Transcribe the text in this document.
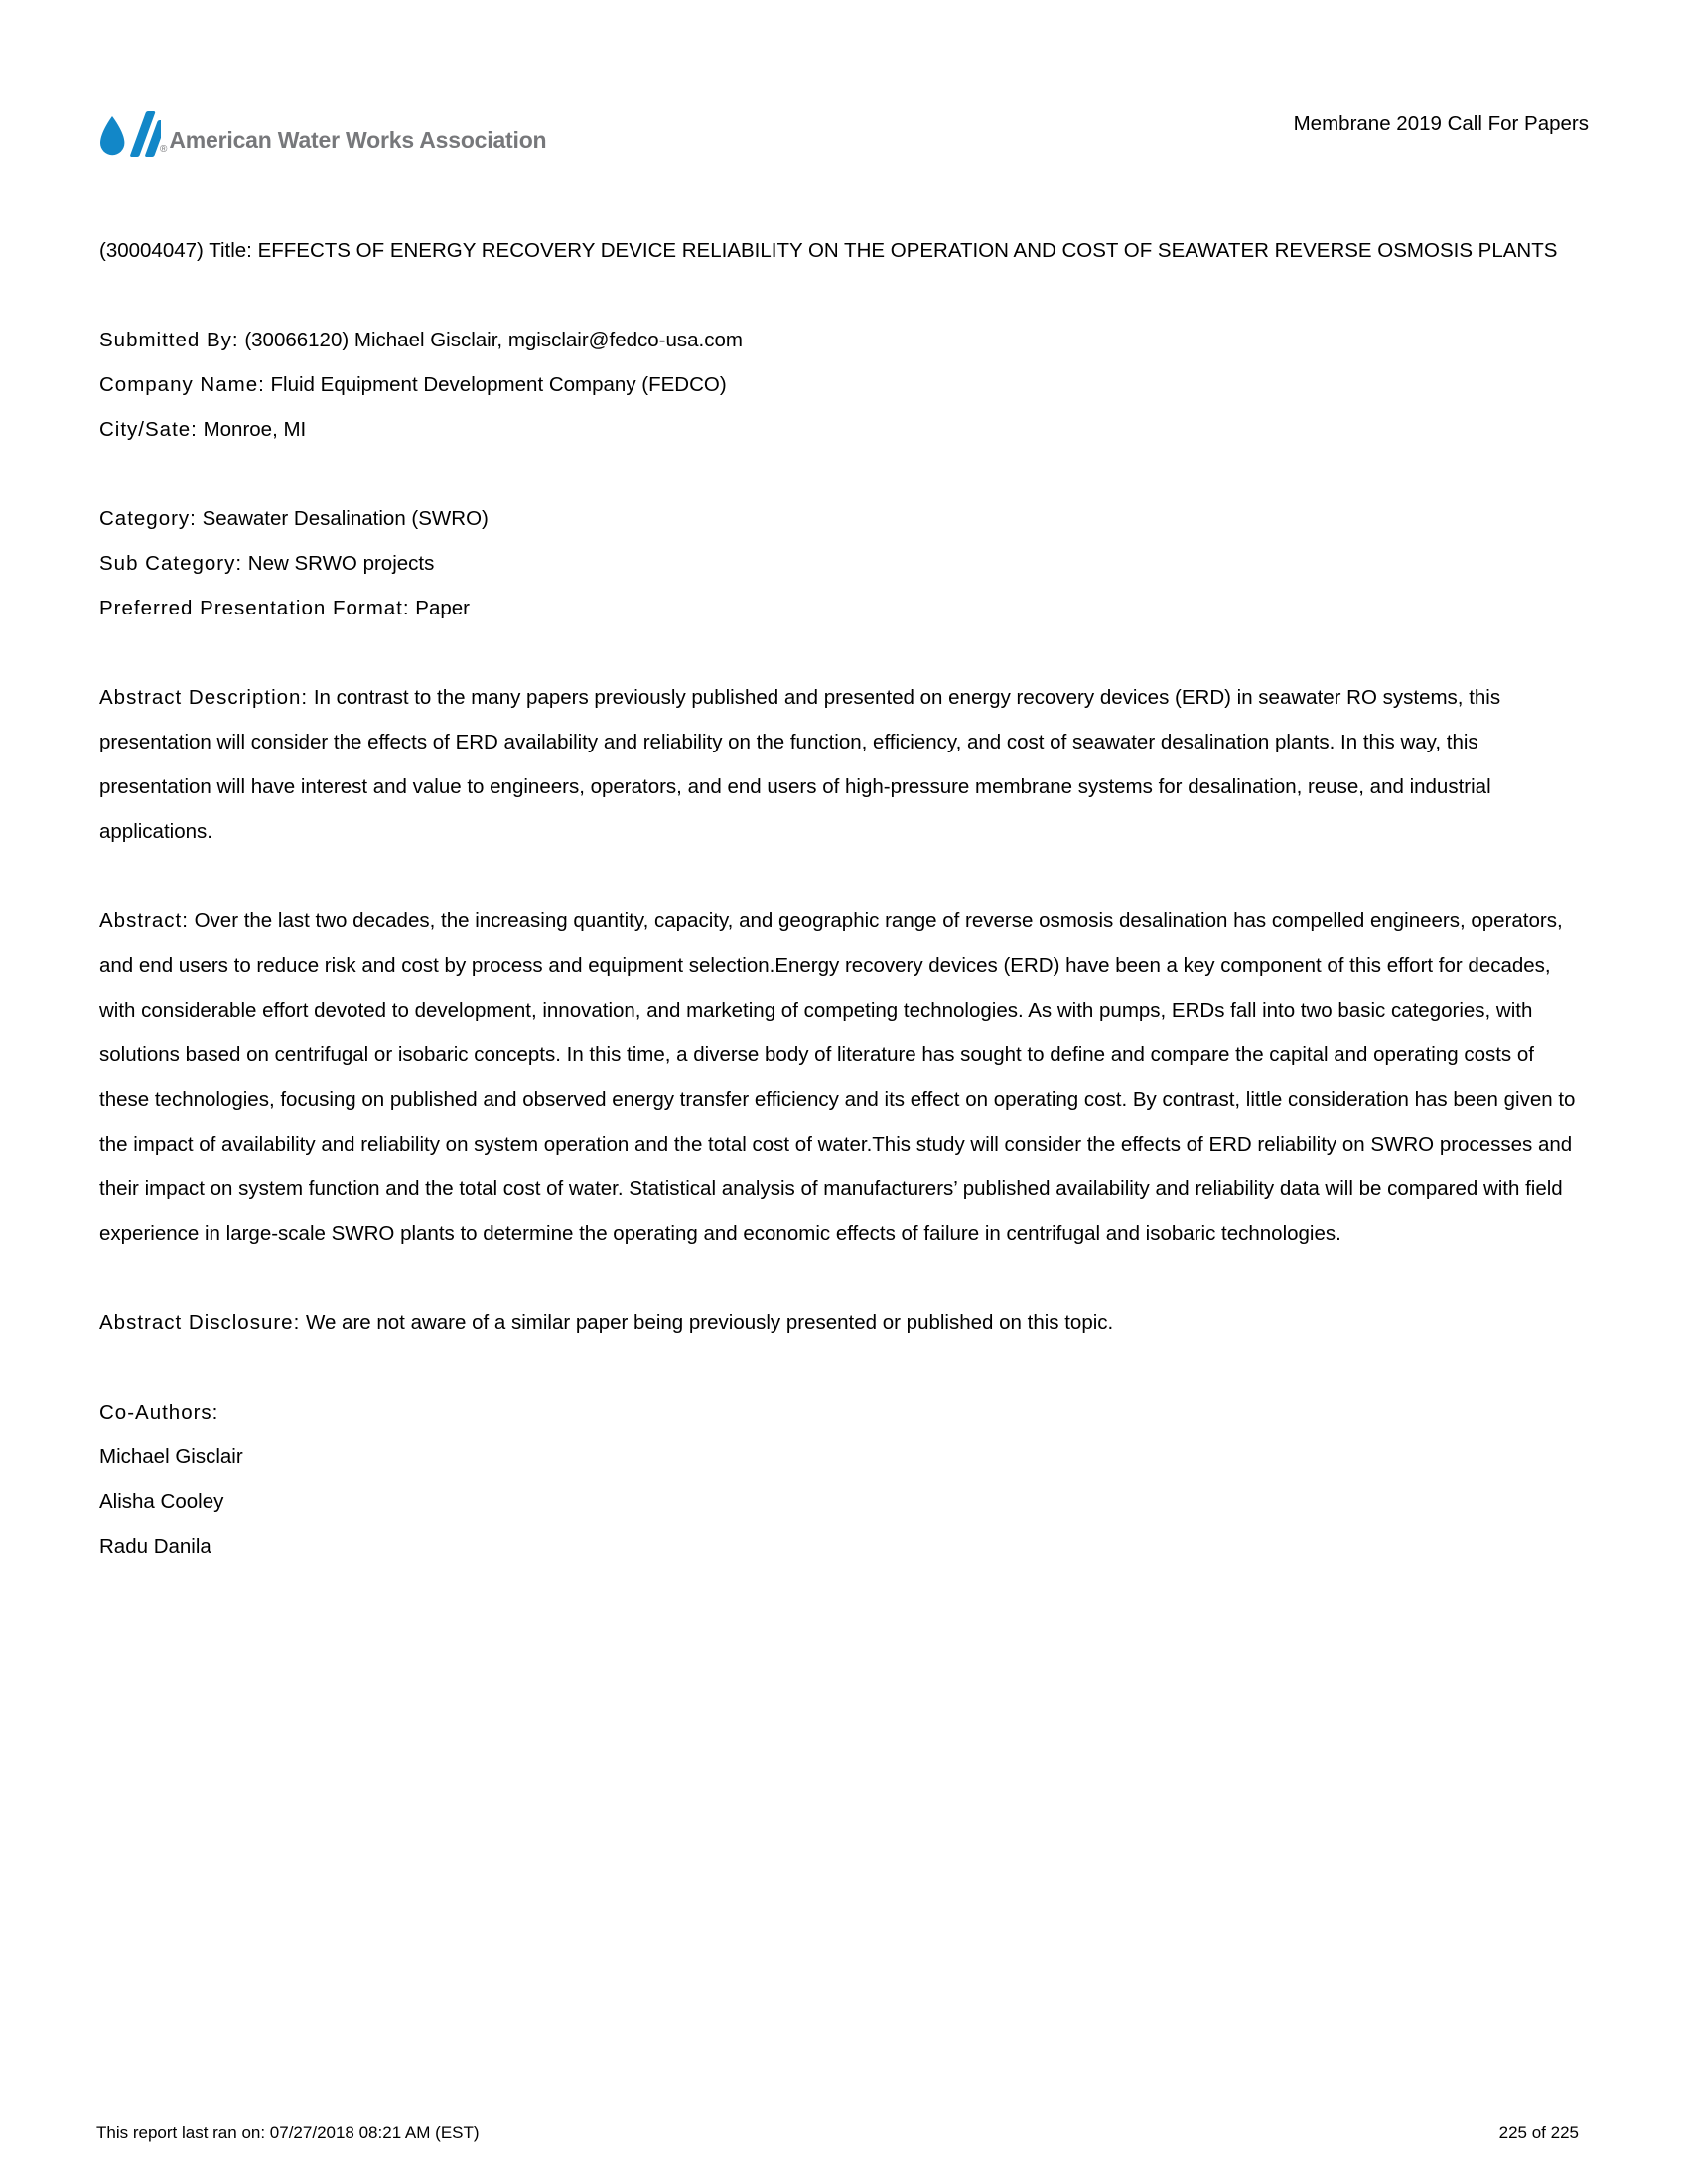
® American Water Works Association
Membrane 2019 Call For Papers

(30004047) Title: EFFECTS OF ENERGY RECOVERY DEVICE RELIABILITY ON THE OPERATION AND COST OF SEAWATER REVERSE OSMOSIS PLANTS

Submitted By: (30066120) Michael Gisclair, mgisclair@fedco-usa.com
Company Name: Fluid Equipment Development Company (FEDCO)
City/Sate: Monroe, MI

Category: Seawater Desalination (SWRO)
Sub Category: New SRWO projects
Preferred Presentation Format: Paper

Abstract Description: In contrast to the many papers previously published and presented on energy recovery devices (ERD) in seawater RO systems, this presentation will consider the effects of ERD availability and reliability on the function, efficiency, and cost of seawater desalination plants. In this way, this presentation will have interest and value to engineers, operators, and end users of high-pressure membrane systems for desalination, reuse, and industrial applications.

Abstract: Over the last two decades, the increasing quantity, capacity, and geographic range of reverse osmosis desalination has compelled engineers, operators, and end users to reduce risk and cost by process and equipment selection.Energy recovery devices (ERD) have been a key component of this effort for decades, with considerable effort devoted to development, innovation, and marketing of competing technologies. As with pumps, ERDs fall into two basic categories, with solutions based on centrifugal or isobaric concepts. In this time, a diverse body of literature has sought to define and compare the capital and operating costs of these technologies, focusing on published and observed energy transfer efficiency and its effect on operating cost. By contrast, little consideration has been given to the impact of availability and reliability on system operation and the total cost of water.This study will consider the effects of ERD reliability on SWRO processes and their impact on system function and the total cost of water. Statistical analysis of manufacturers’ published availability and reliability data will be compared with field experience in large-scale SWRO plants to determine the operating and economic effects of failure in centrifugal and isobaric technologies.

Abstract Disclosure: We are not aware of a similar paper being previously presented or published on this topic.

Co-Authors:
Michael Gisclair
Alisha Cooley
Radu Danila

This report last ran on: 07/27/2018 08:21 AM (EST)	225 of 225
